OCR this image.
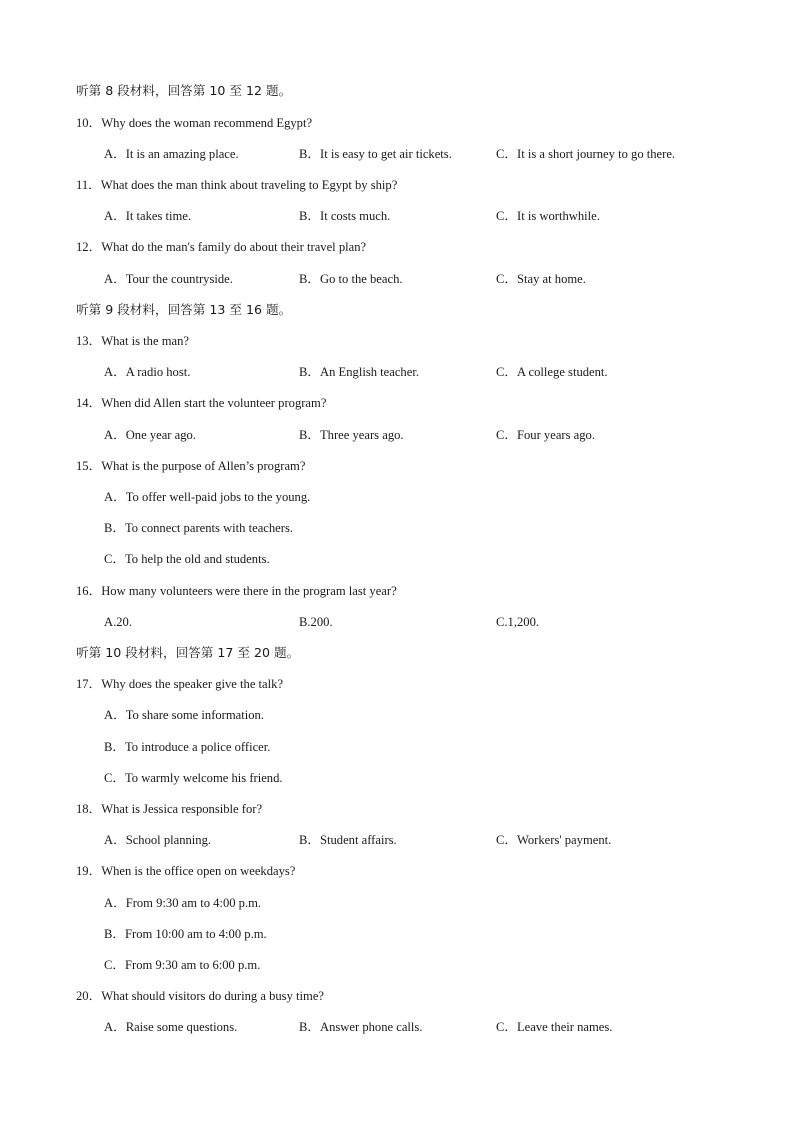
听第 8 段材料，回答第 10 至 12 题。
10．Why does the woman recommend Egypt?
A．It is an amazing place.	B．It is easy to get air tickets.	C．It is a short journey to go there.
11．What does the man think about traveling to Egypt by ship?
A．It takes time.	B．It costs much.	C．It is worthwhile.
12．What do the man's family do about their travel plan?
A．Tour the countryside.	B．Go to the beach.	C．Stay at home.
听第 9 段材料，回答第 13 至 16 题。
13．What is the man?
A．A radio host.	B．An English teacher.	C．A college student.
14．When did Allen start the volunteer program?
A．One year ago.	B．Three years ago.	C．Four years ago.
15．What is the purpose of Allen’s program?
A．To offer well-paid jobs to the young.
B．To connect parents with teachers.
C．To help the old and students.
16．How many volunteers were there in the program last year?
A.20.	B.200.	C.1,200.
听第 10 段材料，回答第 17 至 20 题。
17．Why does the speaker give the talk?
A．To share some information.
B．To introduce a police officer.
C．To warmly welcome his friend.
18．What is Jessica responsible for?
A．School planning.	B．Student affairs.	C．Workers' payment.
19．When is the office open on weekdays?
A．From 9:30 am to 4:00 p.m.
B．From 10:00 am to 4:00 p.m.
C．From 9:30 am to 6:00 p.m.
20．What should visitors do during a busy time?
A．Raise some questions.	B．Answer phone calls.	C．Leave their names.
